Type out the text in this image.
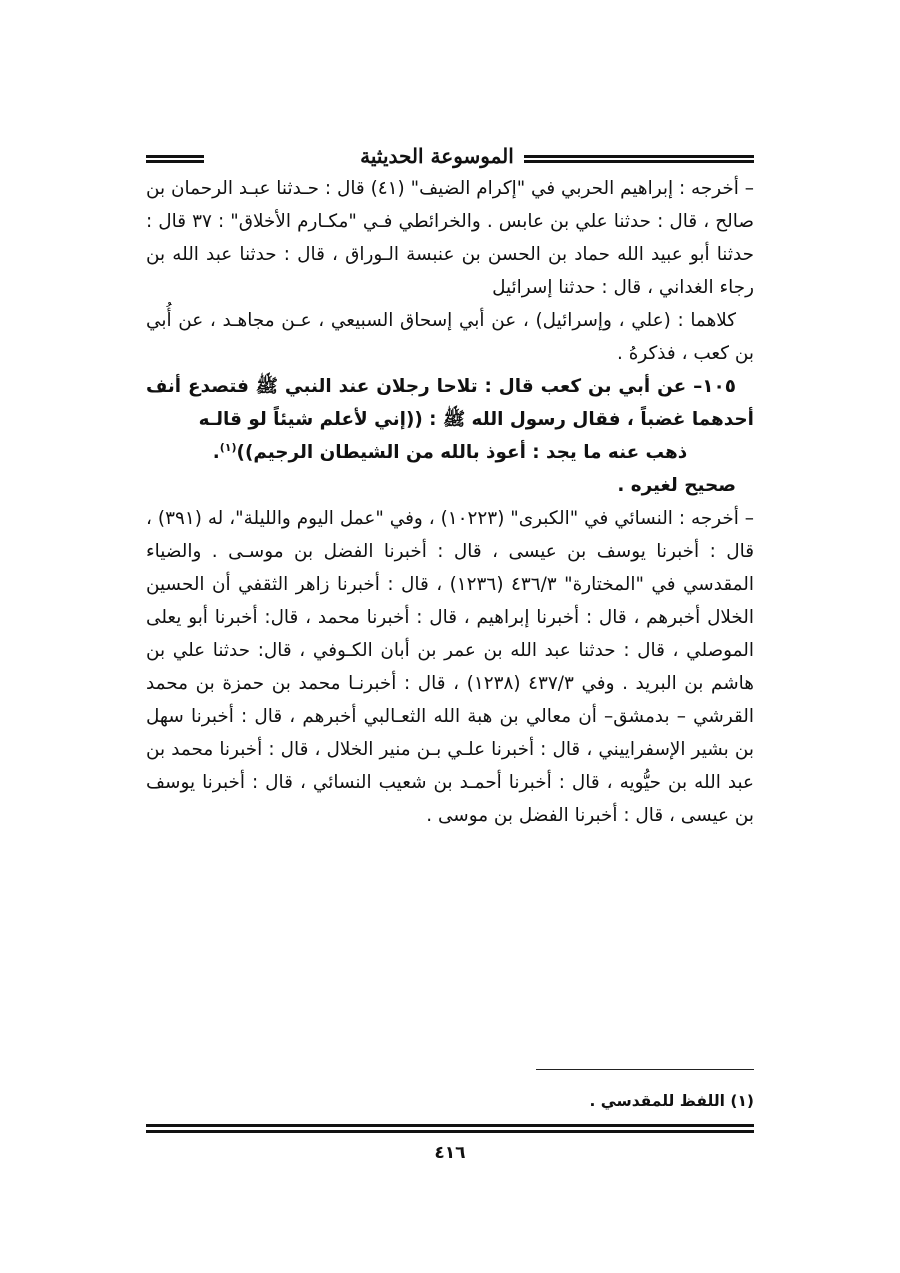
الموسوعة الحديثية

– أخرجه : إبراهيم الحربي في "إكرام الضيف" (٤١) قال : حـدثنا عبـد الرحمان بن صالح ، قال : حدثنا علي بن عابس . والخرائطي فـي "مكـارم الأخلاق" : ٣٧ قال : حدثنا أبو عبيد الله حماد بن الحسن بن عنبسة الـوراق ، قال : حدثنا عبد الله بن رجاء الغداني ، قال : حدثنا إسرائيل

كلاهما : (علي ، وإسرائيل) ، عن أبي إسحاق السبيعي ، عـن مجاهـد ، عن أُبي بن كعب ، فذكرهُ .

١٠٥– عن أبي بن كعب قال : تلاحا رجلان عند النبي ﷺ فتصدع أنف أحدهما غضباً ، فقال رسول الله ﷺ : ((إني لأعلم شيئاً لو قالـه

ذهب عنه ما يجد : أعوذ بالله من الشيطان الرجيم))$^{(١)}$.

صحيح لغيره .

– أخرجه : النسائي في "الكبرى" (١٠٢٢٣) ، وفي "عمل اليوم والليلة"، له (٣٩١) ، قال : أخبرنا يوسف بن عيسى ، قال : أخبرنا الفضل بن موسـى . والضياء المقدسي في "المختارة" ٤٣٦/٣ (١٢٣٦) ، قال : أخبرنا زاهر الثقفي أن الحسين الخلال أخبرهم ، قال : أخبرنا إبراهيم ، قال : أخبرنا محمد ، قال: أخبرنا أبو يعلى الموصلي ، قال : حدثنا عبد الله بن عمر بن أبان الكـوفي ، قال: حدثنا علي بن هاشم بن البريد . وفي ٤٣٧/٣ (١٢٣٨) ، قال : أخبرنـا محمد بن حمزة بن محمد القرشي – بدمشق– أن معالي بن هبة الله الثعـالبي أخبرهم ، قال : أخبرنا سهل بن بشير الإسفراييني ، قال : أخبرنا علـي بـن منير الخلال ، قال : أخبرنا محمد بن عبد الله بن حيُّويه ، قال : أخبرنا أحمـد بن شعيب النسائي ، قال : أخبرنا يوسف بن عيسى ، قال : أخبرنا الفضل بن موسى .

(١) اللفظ للمقدسي .
٤١٦
